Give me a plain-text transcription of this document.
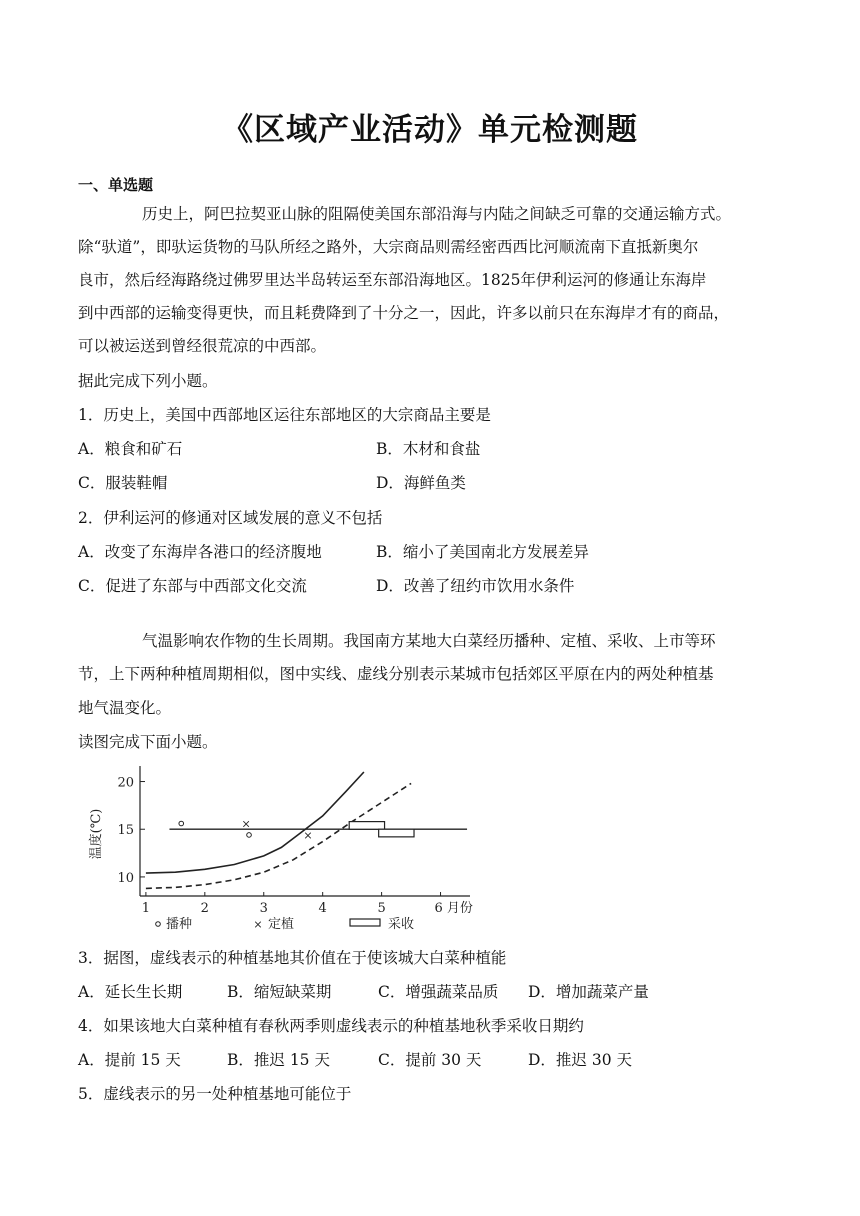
《区域产业活动》单元检测题
一、单选题
历史上，阿巴拉契亚山脉的阻隔使美国东部沿海与内陆之间缺乏可靠的交通运输方式。
除“驮道”，即驮运货物的马队所经之路外，大宗商品则需经密西西比河顺流南下直抵新奥尔
良市，然后经海路绕过佛罗里达半岛转运至东部沿海地区。1825年伊利运河的修通让东海岸
到中西部的运输变得更快，而且耗费降到了十分之一，因此，许多以前只在东海岸才有的商品，
可以被运送到曾经很荒凉的中西部。
据此完成下列小题。
1．历史上，美国中西部地区运往东部地区的大宗商品主要是
A．粮食和矿石	B．木材和食盐
C．服装鞋帽	D．海鲜鱼类
2．伊利运河的修通对区域发展的意义不包括
A．改变了东海岸各港口的经济腹地	B．缩小了美国南北方发展差异
C．促进了东部与中西部文化交流	D．改善了纽约市饮用水条件
气温影响农作物的生长周期。我国南方某地大白菜经历播种、定植、采收、上市等环
节，上下两种种植周期相似，图中实线、虚线分别表示某城市包括郊区平原在内的两处种植基
地气温变化。
读图完成下面小题。
10
15
20
1	2	3	4	5	6 月份
温度(℃)	×
×
播种	× 定植	采收
3．据图，虚线表示的种植基地其价值在于使该城大白菜种植能
A．延长生长期	B．缩短缺菜期	C．增强蔬菜品质 D．增加蔬菜产量
4．如果该地大白菜种植有春秋两季则虚线表示的种植基地秋季采收日期约
A．提前 15 天	B．推迟 15 天	C．提前 30 天	D．推迟 30 天
5．虚线表示的另一处种植基地可能位于
